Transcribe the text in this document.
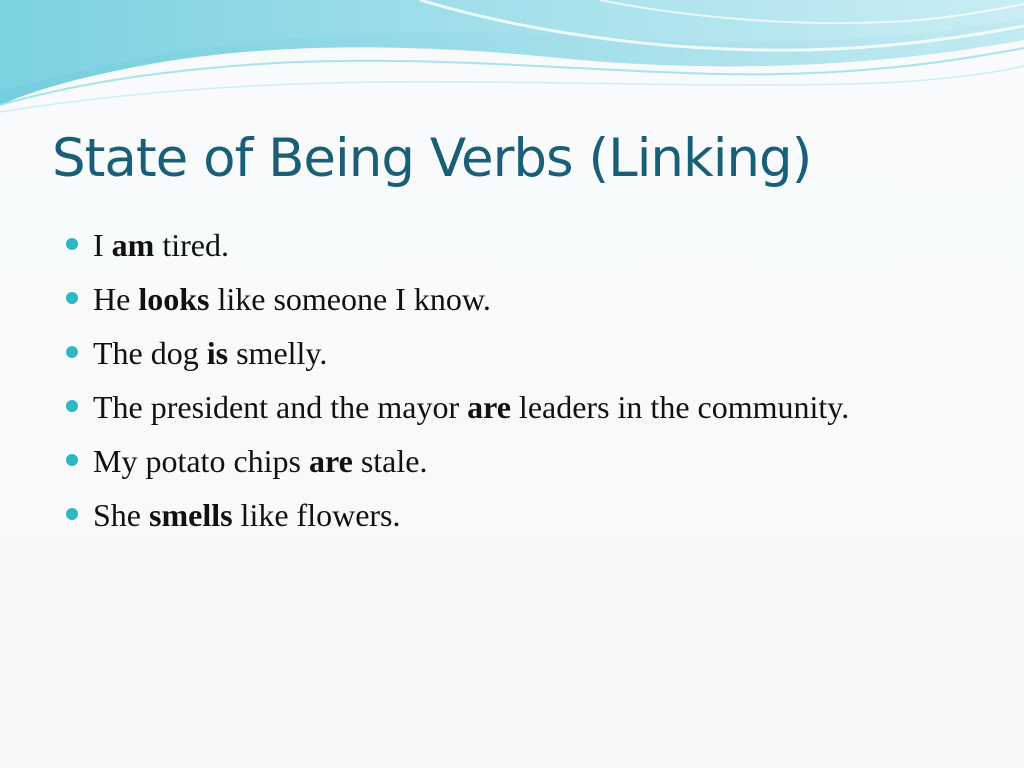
State of Being Verbs (Linking)
I am tired.
He looks like someone I know.
The dog is smelly.
The president and the mayor are leaders in the community.
My potato chips are stale.
She smells like flowers.
